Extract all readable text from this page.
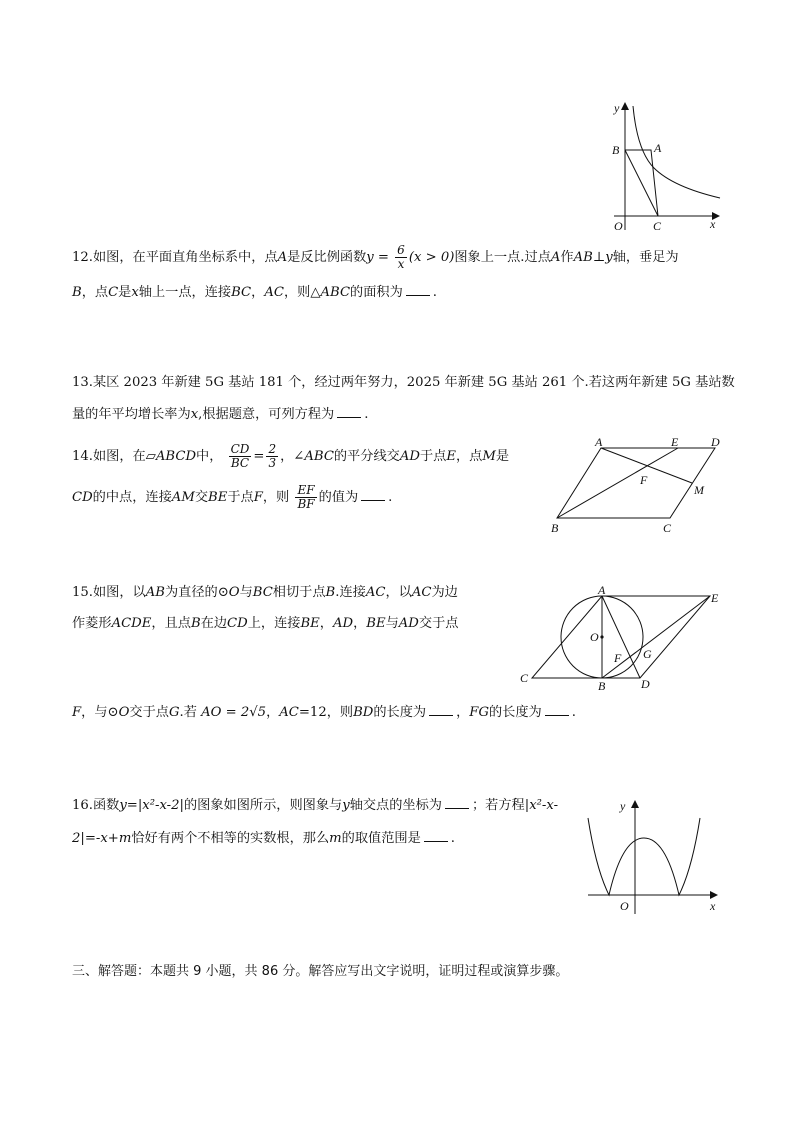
y
x
O
A
B
C
12.如图，在平面直角坐标系中，点A是反比例函数$y = \frac{6}{x} (x > 0)$图象上一点.过点A作AB⊥y轴，垂足为
B，点C是x轴上一点，连接BC，AC，则△ABC的面积为 .
13.某区 2023 年新建 5G 基站 181 个，经过两年努力，2025 年新建 5G 基站 261 个.若这两年新建 5G 基站数
量的年平均增长率为x,根据题意，可列方程为 .
14.如图，在▱ABCD中， $\frac{CD}{BC} = \frac{2}{3}$ ，∠ABC的平分线交AD于点E，点M是
CD的中点，连接AM交BE于点F，则 $\frac{EF}{BF}$ 的值为 .
A	E	D
F
M
B	C
15.如图，以AB为直径的⊙O与BC相切于点B.连接AC，以AC为边
作菱形ACDE，且点B在边CD上，连接BE，AD，BE与AD交于点
F，与⊙O交于点G.若 AO = 2√5，AC=12，则BD的长度为 ，FG的长度为 .
A
E
O
F G
C
B	D
16.函数y=|x²-x-2|的图象如图所示，则图象与y轴交点的坐标为 ；若方程|x²-x-
2|=-x+m恰好有两个不相等的实数根，那么m的取值范围是 .
y
x
O
三、解答题：本题共 9 小题，共 86 分。解答应写出文字说明，证明过程或演算步骤。
